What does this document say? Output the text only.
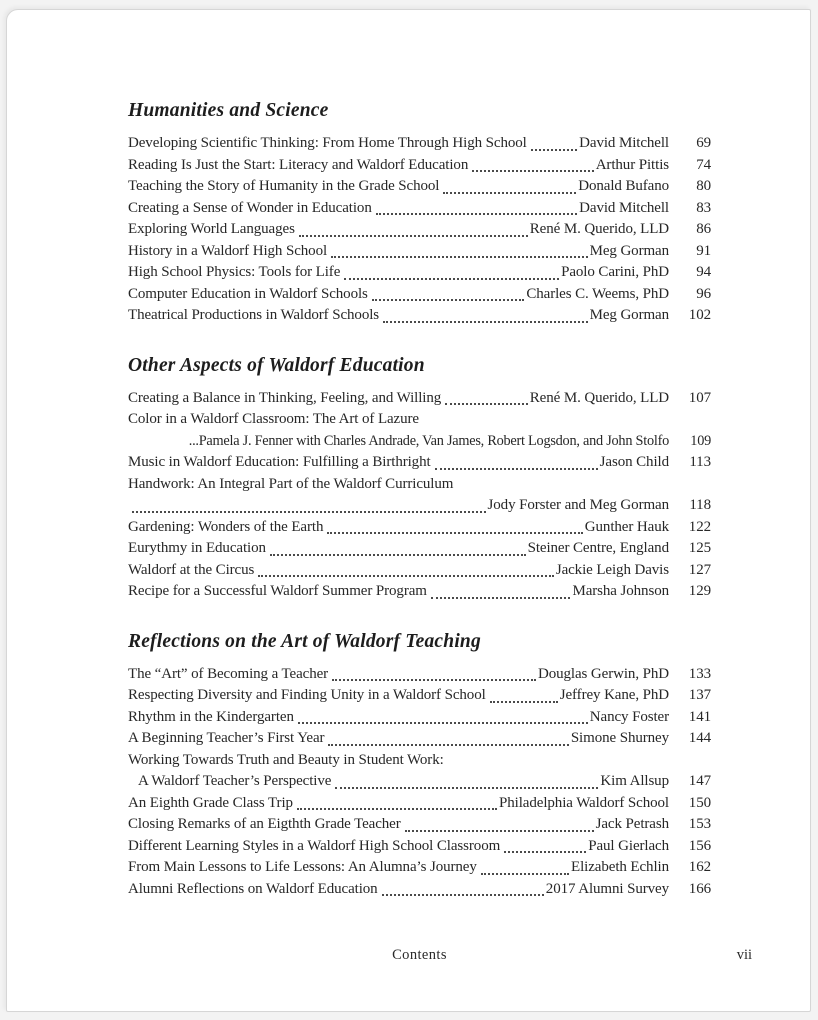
Humanities and Science
Developing Scientific Thinking: From Home Through High School	David Mitchell	69
Reading Is Just the Start: Literacy and Waldorf Education	Arthur Pittis	74
Teaching the Story of Humanity in the Grade School	Donald Bufano	80
Creating a Sense of Wonder in Education	David Mitchell	83
Exploring World Languages	René M. Querido, LLD	86
History in a Waldorf High School	Meg Gorman	91
High School Physics: Tools for Life	Paolo Carini, PhD	94
Computer Education in Waldorf Schools	Charles C. Weems, PhD	96
Theatrical Productions in Waldorf Schools	Meg Gorman	102
Other Aspects of Waldorf Education
Creating a Balance in Thinking, Feeling, and Willing	René M. Querido, LLD	107
Color in a Waldorf Classroom: The Art of Lazure
...Pamela J. Fenner with Charles Andrade, Van James, Robert Logsdon, and John Stolfo	109
Music in Waldorf Education: Fulfilling a Birthright	Jason Child	113
Handwork: An Integral Part of the Waldorf Curriculum
Jody Forster and Meg Gorman	118
Gardening: Wonders of the Earth	Gunther Hauk	122
Eurythmy in Education	Steiner Centre, England	125
Waldorf at the Circus	Jackie Leigh Davis	127
Recipe for a Successful Waldorf Summer Program	Marsha Johnson	129
Reflections on the Art of Waldorf Teaching
The “Art” of Becoming a Teacher	Douglas Gerwin, PhD	133
Respecting Diversity and Finding Unity in a Waldorf School	Jeffrey Kane, PhD	137
Rhythm in the Kindergarten	Nancy Foster	141
A Beginning Teacher’s First Year	Simone Shurney	144
Working Towards Truth and Beauty in Student Work:
A Waldorf Teacher’s Perspective	Kim Allsup	147
An Eighth Grade Class Trip	Philadelphia Waldorf School	150
Closing Remarks of an Eigthth Grade Teacher	Jack Petrash	153
Different Learning Styles in a Waldorf High School Classroom	Paul Gierlach	156
From Main Lessons to Life Lessons: An Alumna’s Journey	Elizabeth Echlin	162
Alumni Reflections on Waldorf Education	2017 Alumni Survey	166
Contents	vii
